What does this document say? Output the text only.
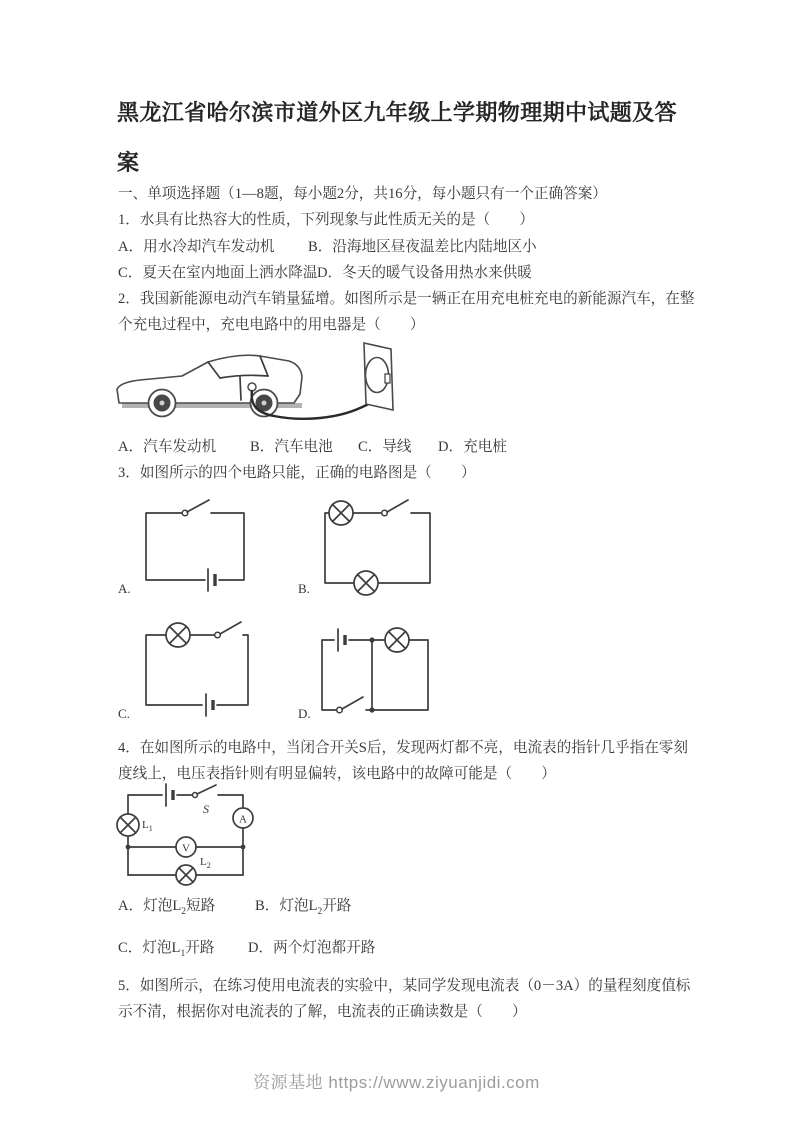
黑龙江省哈尔滨市道外区九年级上学期物理期中试题及答
案
一、单项选择题（1—8题，每小题2分，共16分，每小题只有一个正确答案）
1．水具有比热容大的性质，下列现象与此性质无关的是（　　）
A．用水冷却汽车发动机 B．沿海地区昼夜温差比内陆地区小
C．夏天在室内地面上洒水降温 D．冬天的暖气设备用热水来供暖
2．我国新能源电动汽车销量猛增。如图所示是一辆正在用充电桩充电的新能源汽车，在整
个充电过程中，充电电路中的用电器是（　　）
A．汽车发动机 B．汽车电池 C．导线 D．充电桩
3．如图所示的四个电路只能，正确的电路图是（　　）
A.	B.
C.	D.
4．在如图所示的电路中，当闭合开关S后，发现两灯都不亮，电流表的指针几乎指在零刻
度线上，电压表指针则有明显偏转，该电路中的故障可能是（　　）
S
A
$L_1$
V
$L_2$
A．灯泡$L_2$短路	B．灯泡$L_2$开路
C．灯泡$L_1$开路 D．两个灯泡都开路
5．如图所示，在练习使用电流表的实验中，某同学发现电流表（0－3A）的量程刻度值标
示不清，根据你对电流表的了解，电流表的正确读数是（　　）
资源基地 https://www.ziyuanjidi.com
